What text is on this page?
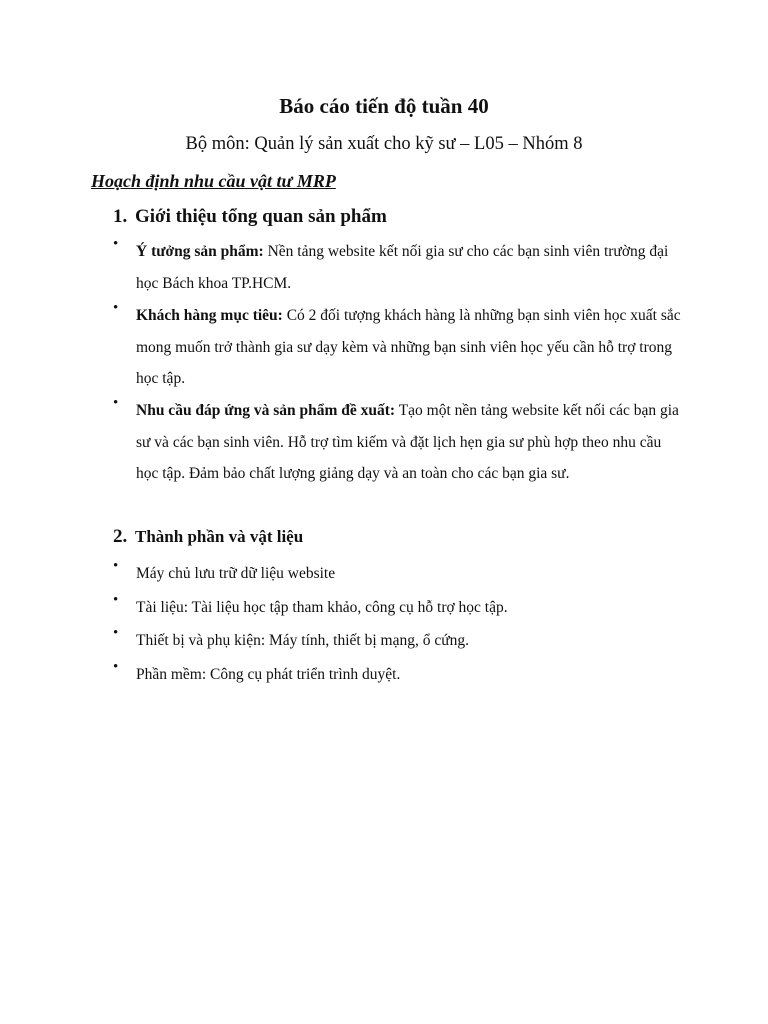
Báo cáo tiến độ tuần 40
Bộ môn: Quản lý sản xuất cho kỹ sư – L05 – Nhóm 8
Hoạch định nhu cầu vật tư MRP
1. Giới thiệu tổng quan sản phẩm
•	Ý tưởng sản phẩm: Nền tảng website kết nối gia sư cho các bạn sinh viên trường đại học Bách khoa TP.HCM.
•	Khách hàng mục tiêu: Có 2 đối tượng khách hàng là những bạn sinh viên học xuất sắc mong muốn trở thành gia sư dạy kèm và những bạn sinh viên học yếu cần hỗ trợ trong học tập.
•	Nhu cầu đáp ứng và sản phẩm đề xuất: Tạo một nền tảng website kết nối các bạn gia sư và các bạn sinh viên. Hỗ trợ tìm kiếm và đặt lịch hẹn gia sư phù hợp theo nhu cầu học tập. Đảm bảo chất lượng giảng dạy và an toàn cho các bạn gia sư.
2. Thành phần và vật liệu
•	Máy chủ lưu trữ dữ liệu website
•	Tài liệu: Tài liệu học tập tham khảo, công cụ hỗ trợ học tập.
•	Thiết bị và phụ kiện: Máy tính, thiết bị mạng, ổ cứng.
•	Phần mềm: Công cụ phát triển trình duyệt.
